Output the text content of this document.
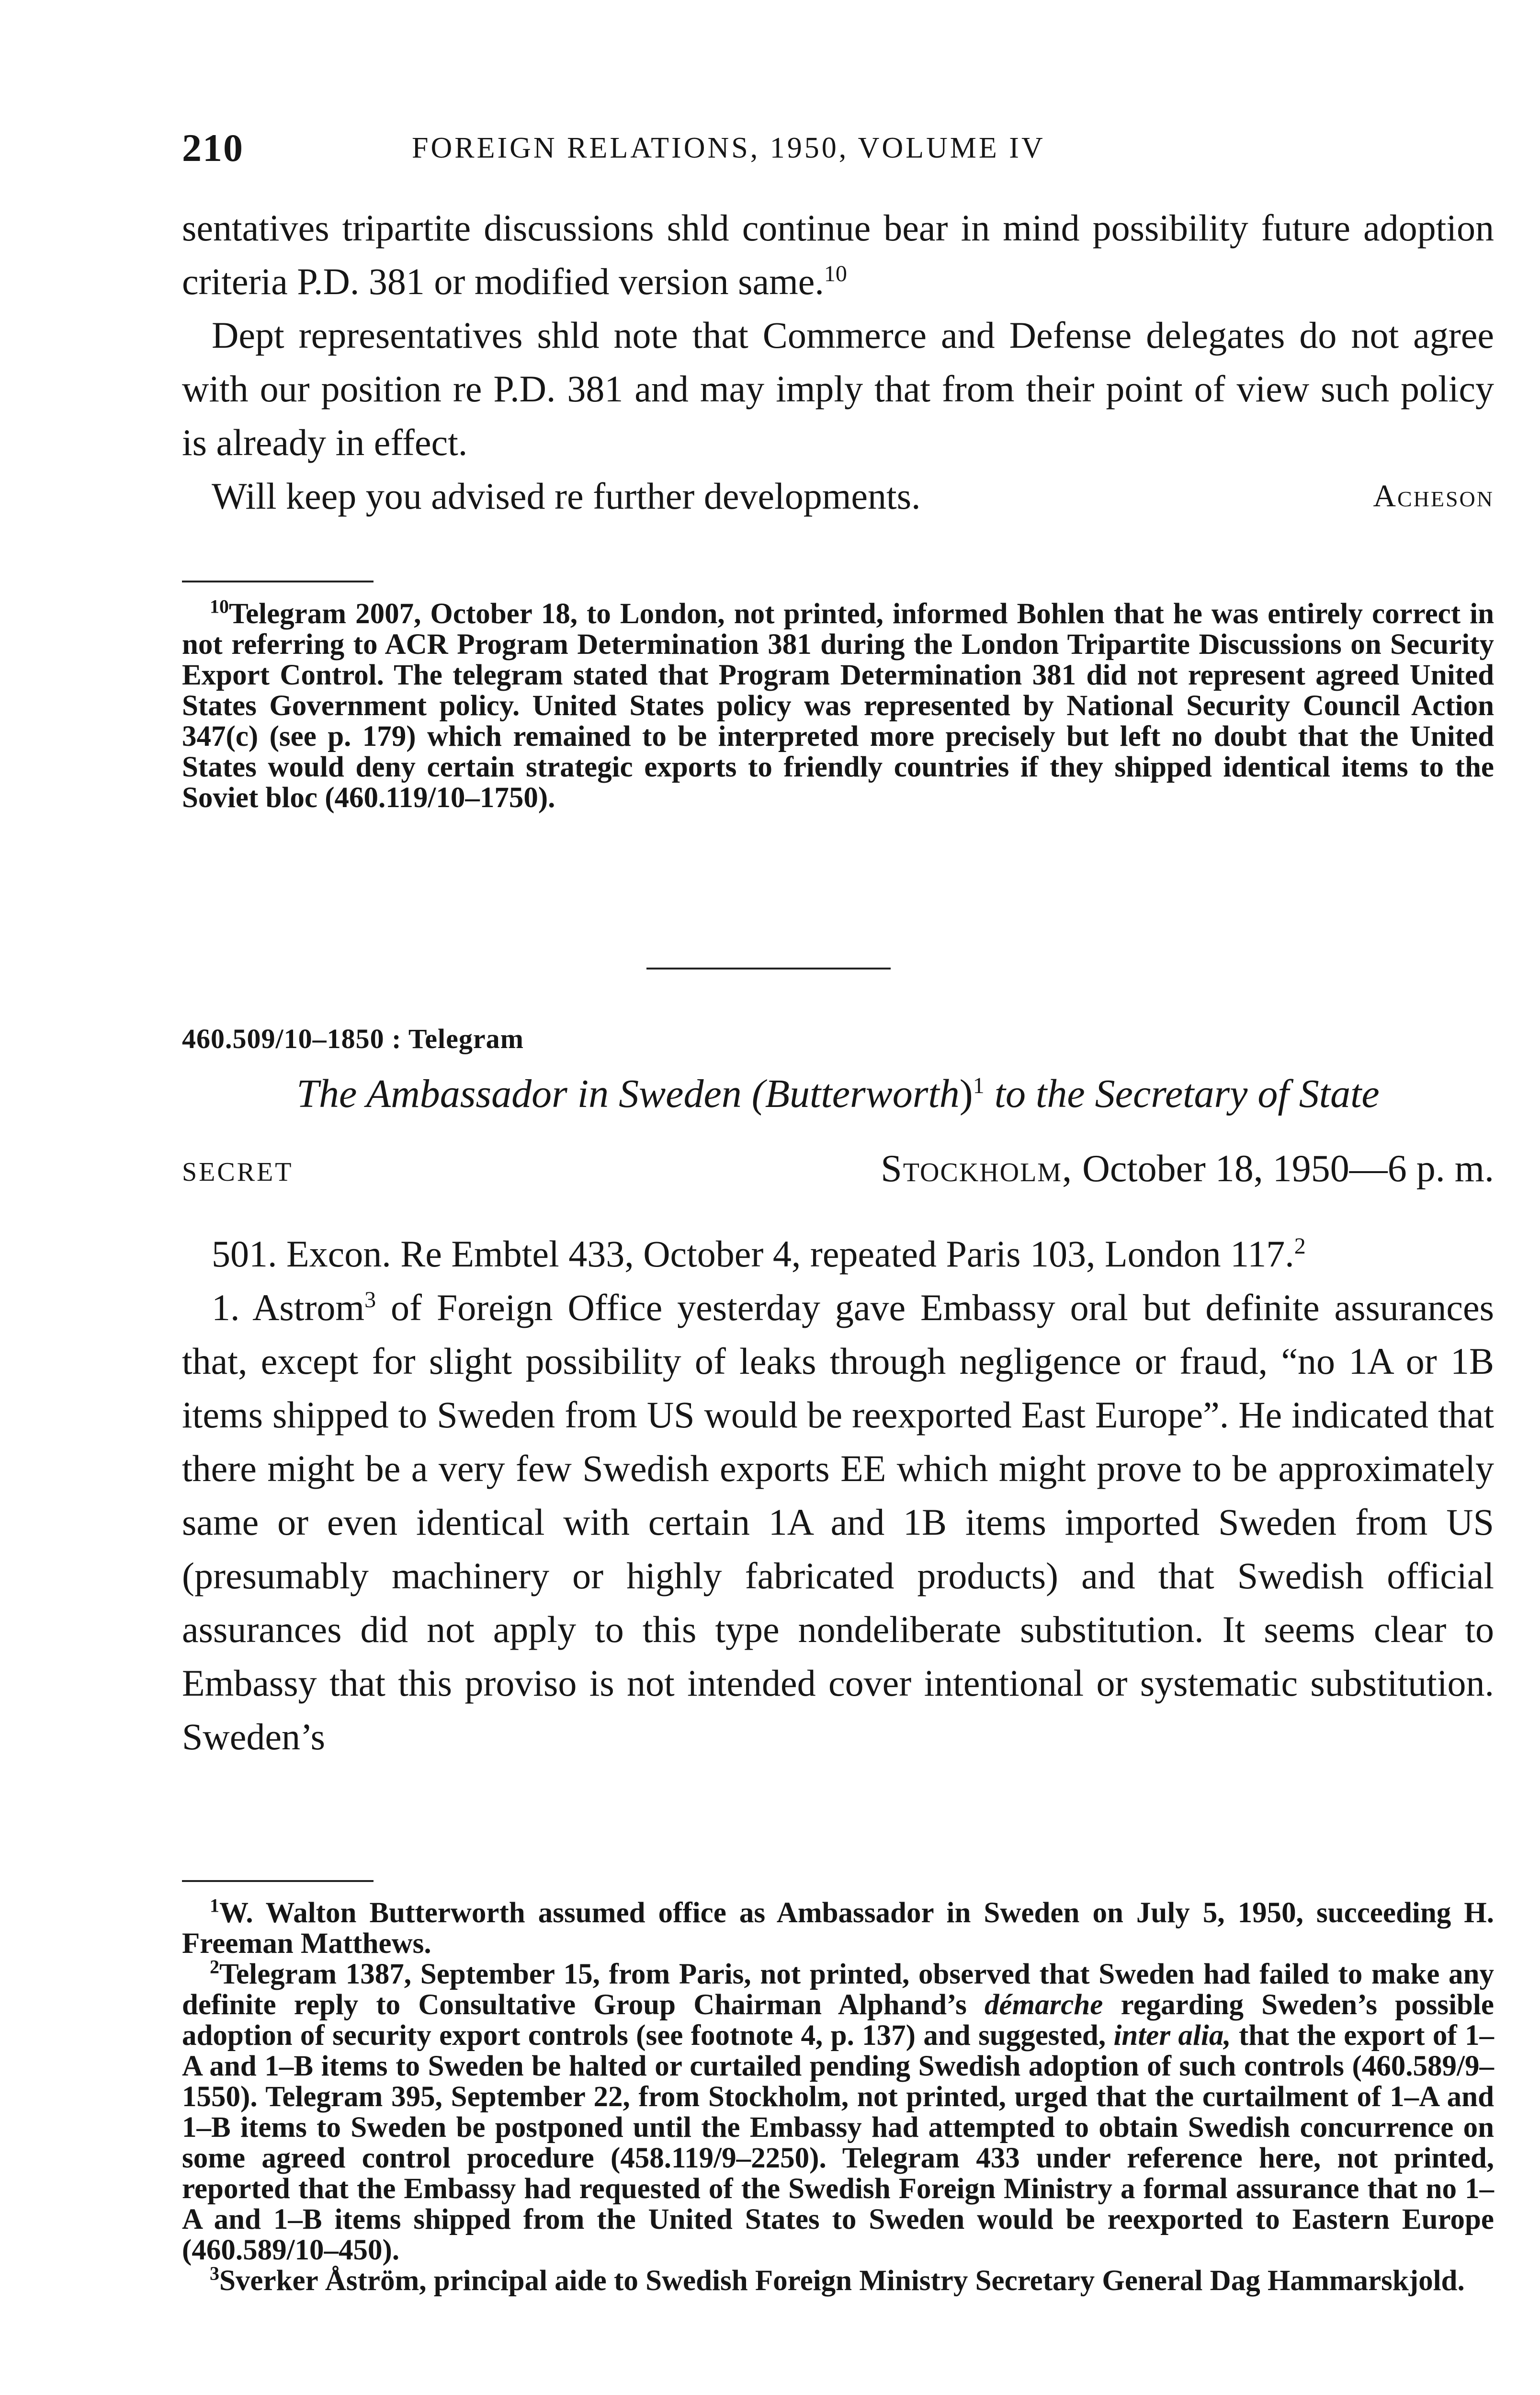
210	FOREIGN RELATIONS, 1950, VOLUME IV

sentatives tripartite discussions shld continue bear in mind possibility future adoption criteria P.D. 381 or modified version same.$^{10}$

Dept representatives shld note that Commerce and Defense delegates do not agree with our position re P.D. 381 and may imply that from their point of view such policy is already in effect.

Will keep you advised re further developments.	Acheson

$^{10}$Telegram 2007, October 18, to London, not printed, informed Bohlen that he was entirely correct in not referring to ACR Program Determination 381 during the London Tripartite Discussions on Security Export Control. The telegram stated that Program Determination 381 did not represent agreed United States Government policy. United States policy was represented by National Security Council Action 347(c) (see p. 179) which remained to be interpreted more precisely but left no doubt that the United States would deny certain strategic exports to friendly countries if they shipped identical items to the Soviet bloc (460.119/10–1750).

460.509/10–1850 : Telegram
The Ambassador in Sweden (Butterworth)$^1$ to the Secretary of State
SECRET	Stockholm, October 18, 1950—6 p. m.

501. Excon. Re Embtel 433, October 4, repeated Paris 103, London 117.$^2$

1. Astrom$^3$ of Foreign Office yesterday gave Embassy oral but definite assurances that, except for slight possibility of leaks through negligence or fraud, “no 1A or 1B items shipped to Sweden from US would be reexported East Europe”. He indicated that there might be a very few Swedish exports EE which might prove to be approximately same or even identical with certain 1A and 1B items imported Sweden from US (presumably machinery or highly fabricated products) and that Swedish official assurances did not apply to this type nondeliberate substitution. It seems clear to Embassy that this proviso is not intended cover intentional or systematic substitution. Sweden’s

$^1$W. Walton Butterworth assumed office as Ambassador in Sweden on July 5, 1950, succeeding H. Freeman Matthews.

$^2$Telegram 1387, September 15, from Paris, not printed, observed that Sweden had failed to make any definite reply to Consultative Group Chairman Alphand’s démarche regarding Sweden’s possible adoption of security export controls (see footnote 4, p. 137) and suggested, inter alia, that the export of 1–A and 1–B items to Sweden be halted or curtailed pending Swedish adoption of such controls (460.589/9–1550). Telegram 395, September 22, from Stockholm, not printed, urged that the curtailment of 1–A and 1–B items to Sweden be postponed until the Embassy had attempted to obtain Swedish concurrence on some agreed control procedure (458.119/9–2250). Telegram 433 under reference here, not printed, reported that the Embassy had requested of the Swedish Foreign Ministry a formal assurance that no 1–A and 1–B items shipped from the United States to Sweden would be reexported to Eastern Europe (460.589/10–450).

$^3$Sverker Åström, principal aide to Swedish Foreign Ministry Secretary General Dag Hammarskjold.
